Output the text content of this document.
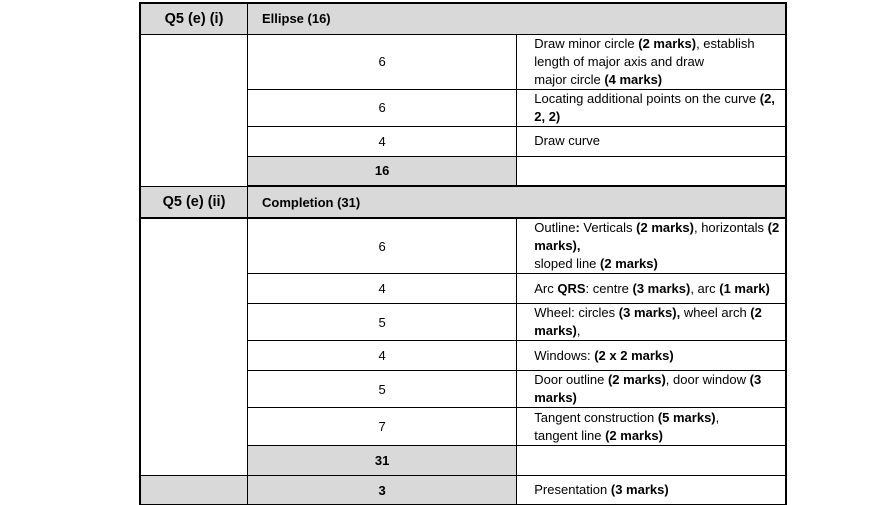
Q5 (e) (i)	Ellipse (16)	
	6	Draw minor circle (2 marks), establish length of major axis and draw
major circle (4 marks)
	6	Locating additional points on the curve (2, 2, 2)
	4	Draw curve
	16	
Q5 (e) (ii)	Completion (31)	
	6	Outline: Verticals (2 marks), horizontals (2 marks),
sloped line (2 marks)
	4	Arc QRS: centre (3 marks), arc (1 mark)
	5	Wheel: circles (3 marks), wheel arch (2 marks),
	4	Windows: (2 x 2 marks)
	5	Door outline (2 marks), door window (3 marks)
	7	Tangent construction (5 marks),
tangent line (2 marks)
	31	
	3	Presentation (3 marks)
